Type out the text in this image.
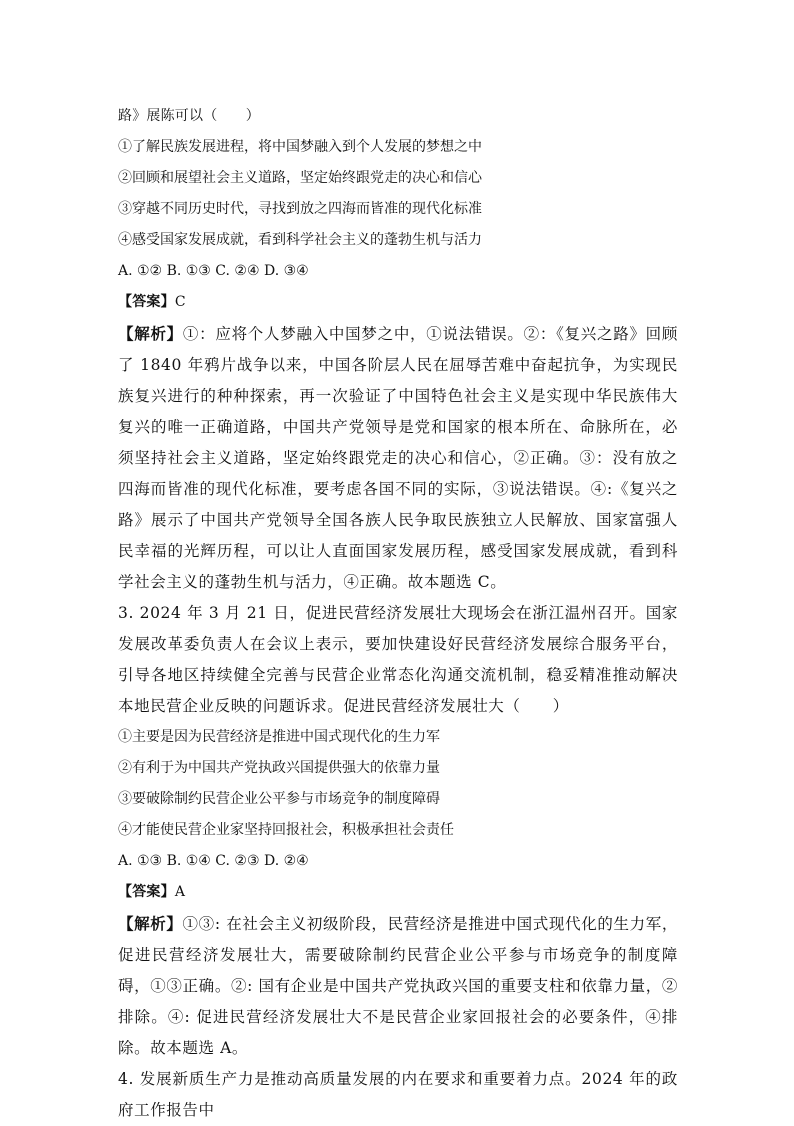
路》展陈可以（　　）
①了解民族发展进程，将中国梦融入到个人发展的梦想之中
②回顾和展望社会主义道路，坚定始终跟党走的决心和信心
③穿越不同历史时代，寻找到放之四海而皆准的现代化标准
④感受国家发展成就，看到科学社会主义的蓬勃生机与活力
A. ①② B. ①③ C. ②④ D. ③④
【答案】C
【解析】①：应将个人梦融入中国梦之中，①说法错误。②：《复兴之路》回顾了 1840 年鸦片战争以来，中国各阶层人民在屈辱苦难中奋起抗争，为实现民族复兴进行的种种探索，再一次验证了中国特色社会主义是实现中华民族伟大复兴的唯一正确道路，中国共产党领导是党和国家的根本所在、命脉所在，必须坚持社会主义道路，坚定始终跟党走的决心和信心，②正确。③：没有放之四海而皆准的现代化标准，要考虑各国不同的实际，③说法错误。④:《复兴之路》展示了中国共产党领导全国各族人民争取民族独立人民解放、国家富强人民幸福的光辉历程，可以让人直面国家发展历程，感受国家发展成就，看到科学社会主义的蓬勃生机与活力，④正确。故本题选 C。
3. 2024 年 3 月 21 日，促进民营经济发展壮大现场会在浙江温州召开。国家发展改革委负责人在会议上表示，要加快建设好民营经济发展综合服务平台，引导各地区持续健全完善与民营企业常态化沟通交流机制，稳妥精准推动解决本地民营企业反映的问题诉求。促进民营经济发展壮大（　　）
①主要是因为民营经济是推进中国式现代化的生力军
②有利于为中国共产党执政兴国提供强大的依靠力量
③要破除制约民营企业公平参与市场竞争的制度障碍
④才能使民营企业家坚持回报社会，积极承担社会责任
A. ①③ B. ①④ C. ②③ D. ②④
【答案】A
【解析】①③: 在社会主义初级阶段，民营经济是推进中国式现代化的生力军，促进民营经济发展壮大，需要破除制约民营企业公平参与市场竞争的制度障碍，①③正确。②: 国有企业是中国共产党执政兴国的重要支柱和依靠力量，②排除。④: 促进民营经济发展壮大不是民营企业家回报社会的必要条件，④排除。故本题选 A。
4. 发展新质生产力是推动高质量发展的内在要求和重要着力点。2024 年的政府工作报告中
